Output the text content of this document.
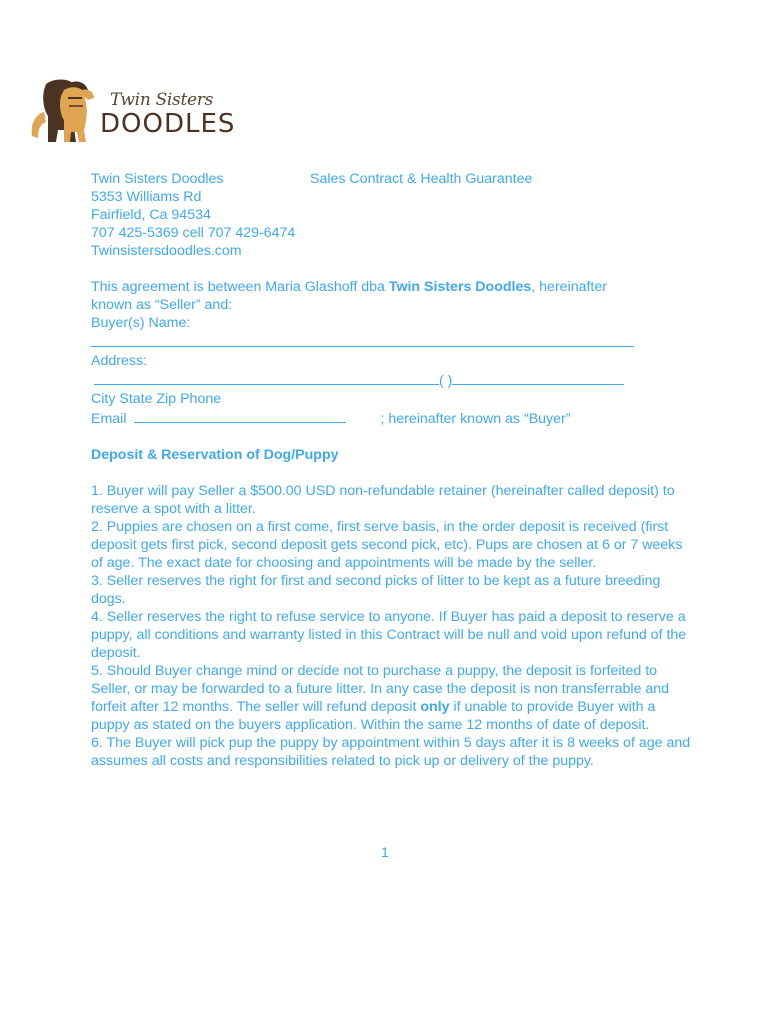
Twin Sisters
DOODLES
Twin Sisters Doodles	Sales Contract & Health Guarantee
5353 Williams Rd
Fairfield, Ca 94534
707 425-5369 cell 707 429-6474
Twinsistersdoodles.com
This agreement is between Maria Glashoff dba Twin Sisters Doodles, hereinafter
known as “Seller” and:
Buyer(s) Name:
Address:
( )
City State Zip Phone
Email	; hereinafter known as “Buyer”
Deposit & Reservation of Dog/Puppy
1. Buyer will pay Seller a $500.00 USD non-refundable retainer (hereinafter called deposit) to reserve a spot with a litter.
2. Puppies are chosen on a first come, first serve basis, in the order deposit is received (first deposit gets first pick, second deposit gets second pick, etc). Pups are chosen at 6 or 7 weeks of age. The exact date for choosing and appointments will be made by the seller.
3. Seller reserves the right for first and second picks of litter to be kept as a future breeding dogs.
4. Seller reserves the right to refuse service to anyone. If Buyer has paid a deposit to reserve a puppy, all conditions and warranty listed in this Contract will be null and void upon refund of the deposit.
5. Should Buyer change mind or decide not to purchase a puppy, the deposit is forfeited to Seller, or may be forwarded to a future litter. In any case the deposit is non transferrable and forfeit after 12 months. The seller will refund deposit only if unable to provide Buyer with a puppy as stated on the buyers application. Within the same 12 months of date of deposit.
6. The Buyer will pick pup the puppy by appointment within 5 days after it is 8 weeks of age and assumes all costs and responsibilities related to pick up or delivery of the puppy.
1
